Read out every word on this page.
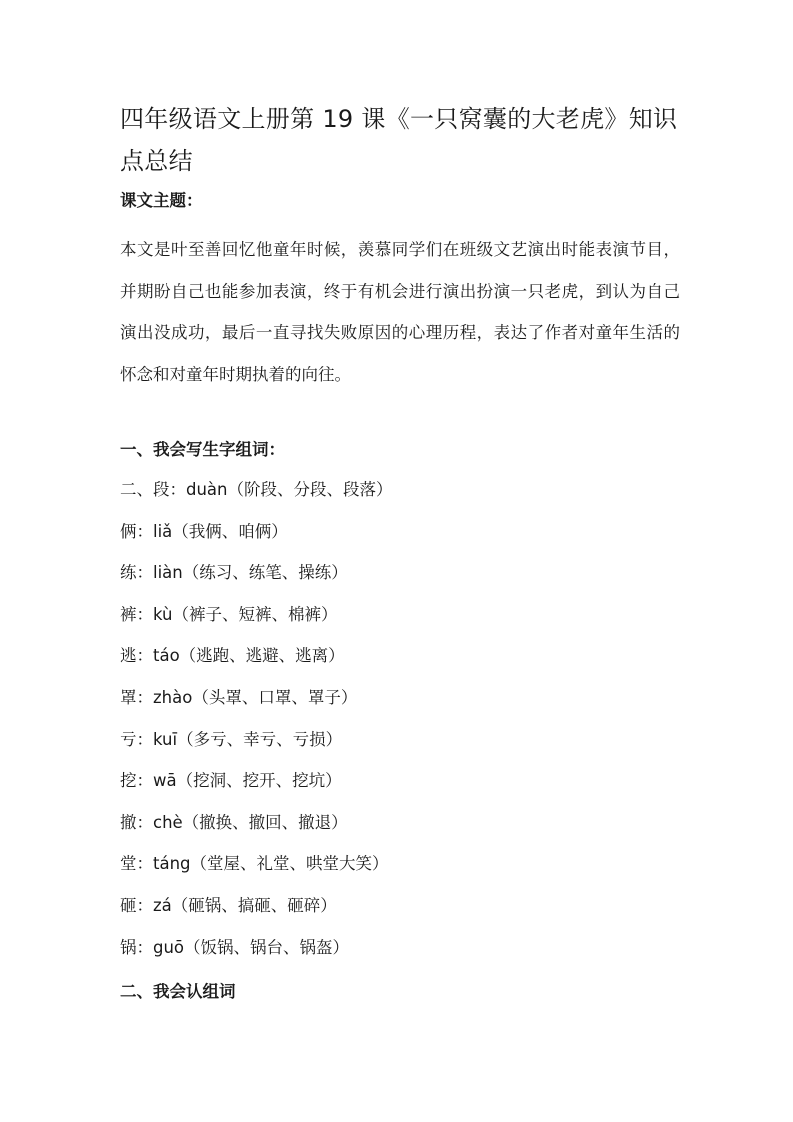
四年级语文上册第 19 课《一只窝囊的大老虎》知识点总结

课文主题：

本文是叶至善回忆他童年时候，羡慕同学们在班级文艺演出时能表演节目，并期盼自己也能参加表演，终于有机会进行演出扮演一只老虎，到认为自己演出没成功，最后一直寻找失败原因的心理历程，表达了作者对童年生活的怀念和对童年时期执着的向往。

一、我会写生字组词：

二、段：duàn（阶段、分段、段落）
俩：liǎ（我俩、咱俩）
练：liàn（练习、练笔、操练）
裤：kù（裤子、短裤、棉裤）
逃：táo（逃跑、逃避、逃离）
罩：zhào（头罩、口罩、罩子）
亏：kuī（多亏、幸亏、亏损）
挖：wā（挖洞、挖开、挖坑）
撤：chè（撤换、撤回、撤退）
堂：táng（堂屋、礼堂、哄堂大笑）
砸：zá（砸锅、搞砸、砸碎）
锅：guō（饭锅、锅台、锅盔）

二、我会认组词
